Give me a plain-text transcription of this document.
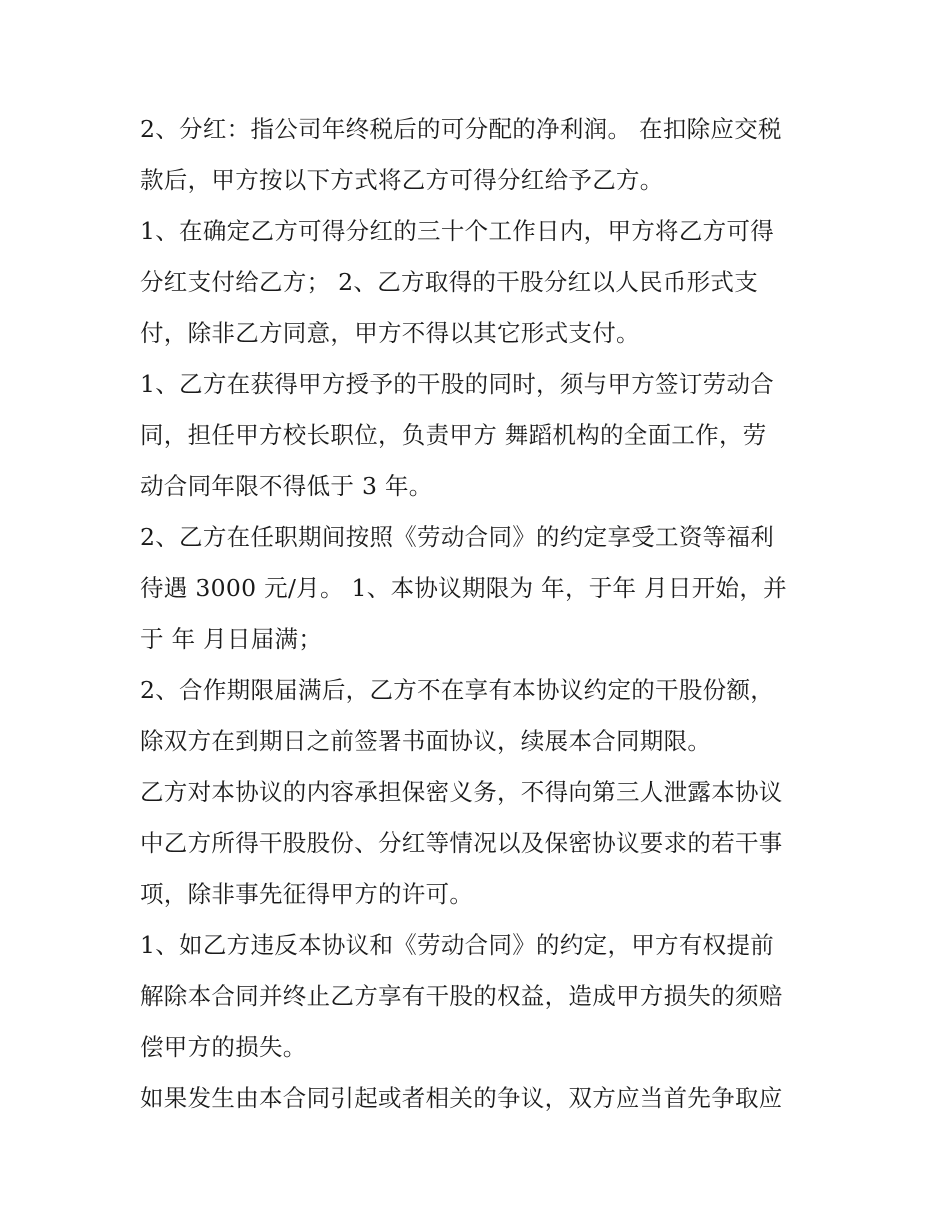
2、分红：指公司年终税后的可分配的净利润。 在扣除应交税
款后，甲方按以下方式将乙方可得分红给予乙方。
1、在确定乙方可得分红的三十个工作日内，甲方将乙方可得
分红支付给乙方； 2、乙方取得的干股分红以人民币形式支
付，除非乙方同意，甲方不得以其它形式支付。
1、乙方在获得甲方授予的干股的同时，须与甲方签订劳动合
同，担任甲方校长职位，负责甲方 舞蹈机构的全面工作，劳
动合同年限不得低于 3 年。
2、乙方在任职期间按照《劳动合同》的约定享受工资等福利
待遇 3000 元/月。 1、本协议期限为 年，于年 月日开始，并
于 年 月日届满；
2、合作期限届满后，乙方不在享有本协议约定的干股份额，
除双方在到期日之前签署书面协议，续展本合同期限。
乙方对本协议的内容承担保密义务，不得向第三人泄露本协议
中乙方所得干股股份、分红等情况以及保密协议要求的若干事
项，除非事先征得甲方的许可。
1、如乙方违反本协议和《劳动合同》的约定，甲方有权提前
解除本合同并终止乙方享有干股的权益，造成甲方损失的须赔
偿甲方的损失。
如果发生由本合同引起或者相关的争议，双方应当首先争取应
